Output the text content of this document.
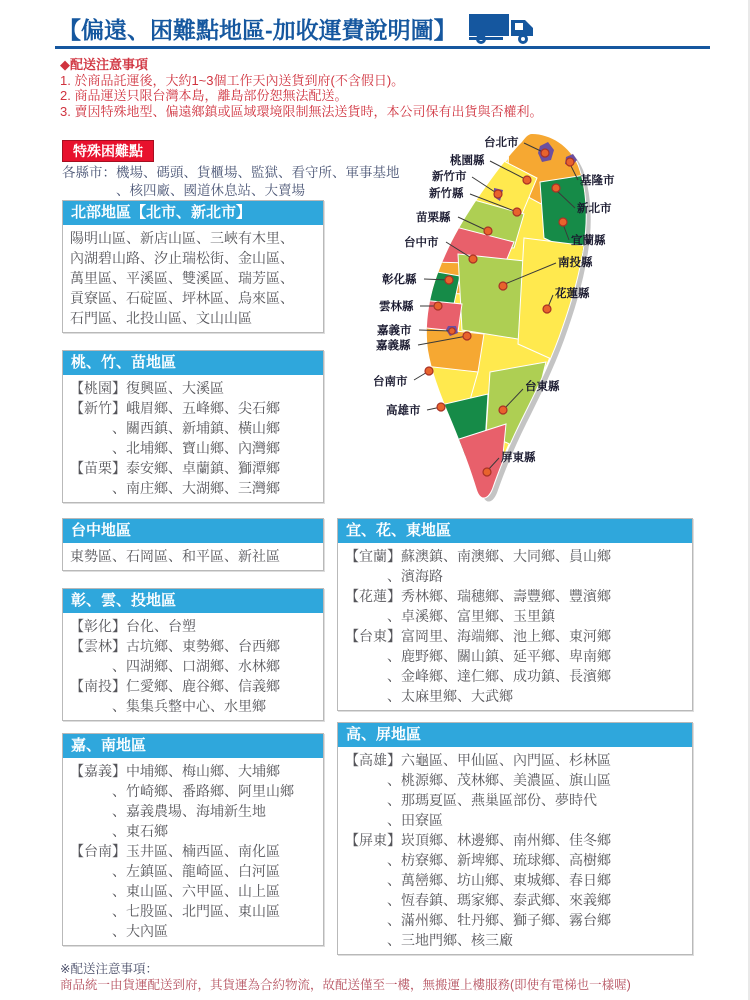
【偏遠、困難點地區-加收運費說明圖】
◆配送注意事項
1. 於商品託運後，大約1~3個工作天內送貨到府(不含假日)。
2. 商品運送只限台灣本島，離島部份恕無法配送。
3. 賣因特殊地型、偏遠鄉鎮或區域環境限制無法送貨時，本公司保有出貨與否權利。
特殊困難點
各縣市：機場、碼頭、貨櫃場、監獄、看守所、軍事基地
　　　　、核四廠、國道休息站、大賣場
北部地區【北市、新北市】
陽明山區、新店山區、三峽有木里、
內湖碧山路、汐止瑞松街、金山區、
萬里區、平溪區、雙溪區、瑞芳區、
貢寮區、石碇區、坪林區、烏來區、
石門區、北投山區、文山山區
桃、竹、苗地區
【桃園】復興區、大溪區
【新竹】峨眉鄉、五峰鄉、尖石鄉
　　　、關西鎮、新埔鎮、橫山鄉
　　　、北埔鄉、寶山鄉、內灣鄉
【苗栗】泰安鄉、卓蘭鎮、獅潭鄉
　　　、南庄鄉、大湖鄉、三灣鄉
台中地區
東勢區、石岡區、和平區、新社區
彰、雲、投地區
【彰化】台化、台塑
【雲林】古坑鄉、東勢鄉、台西鄉
　　　、四湖鄉、口湖鄉、水林鄉
【南投】仁愛鄉、鹿谷鄉、信義鄉
　　　、集集兵整中心、水里鄉
嘉、南地區
【嘉義】中埔鄉、梅山鄉、大埔鄉
　　　、竹崎鄉、番路鄉、阿里山鄉
　　　、嘉義農場、海埔新生地
　　　、東石鄉
【台南】玉井區、楠西區、南化區
　　　、左鎮區、龍崎區、白河區
　　　、東山區、六甲區、山上區
　　　、七股區、北門區、東山區
　　　、大內區
宜、花、東地區
【宜蘭】蘇澳鎮、南澳鄉、大同鄉、員山鄉
　　　、濱海路
【花蓮】秀林鄉、瑞穗鄉、壽豐鄉、豐濱鄉
　　　、卓溪鄉、富里鄉、玉里鎮
【台東】富岡里、海端鄉、池上鄉、東河鄉
　　　、鹿野鄉、關山鎮、延平鄉、卑南鄉
　　　、金峰鄉、達仁鄉、成功鎮、長濱鄉
　　　、太麻里鄉、大武鄉
高、屏地區
【高雄】六龜區、甲仙區、內門區、杉林區
　　　、桃源鄉、茂林鄉、美濃區、旗山區
　　　、那瑪夏區、燕巢區部份、夢時代
　　　、田寮區
【屏東】崁頂鄉、林邊鄉、南州鄉、佳冬鄉
　　　、枋寮鄉、新埤鄉、琉球鄉、高樹鄉
　　　、萬巒鄉、坊山鄉、東城鄉、春日鄉
　　　、恆春鎮、瑪家鄉、泰武鄉、來義鄉
　　　、滿州鄉、牡丹鄉、獅子鄉、霧台鄉
　　　、三地門鄉、核三廠
台北市
桃園縣
新竹市
新竹縣
基隆市
新北市
苗栗縣
台中市	宜蘭縣
南投縣
彰化縣
花蓮縣
雲林縣
嘉義市
嘉義縣
台南市	台東縣
高雄市
屏東縣
※配送注意事項：
商品統一由貨運配送到府，其貨運為合約物流，故配送僅至一樓，無搬運上樓服務(即使有電梯也一樣喔)
